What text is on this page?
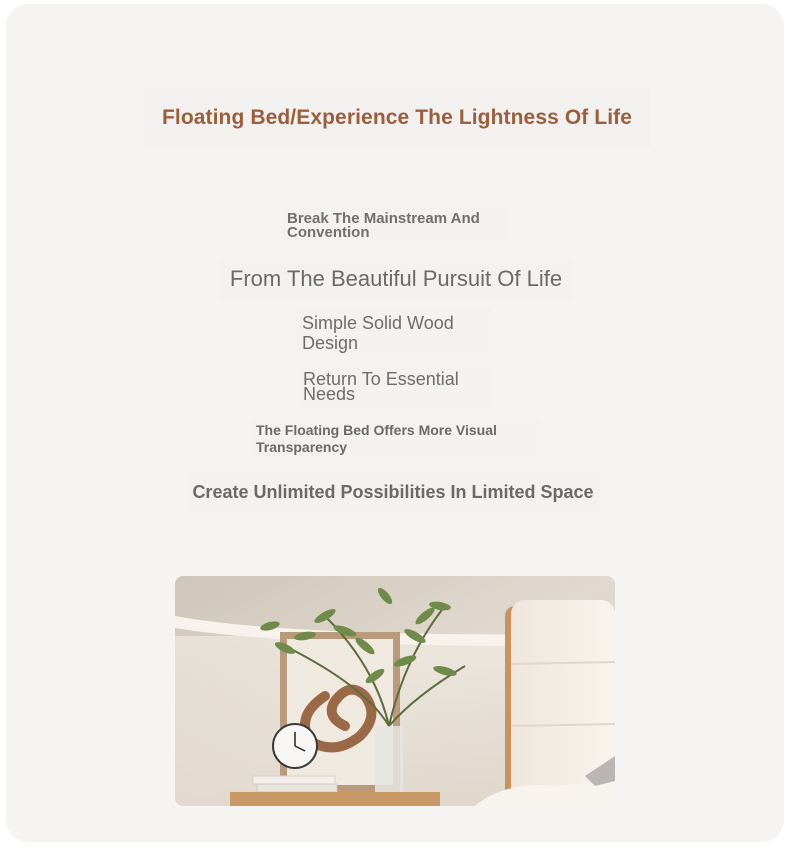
Floating Bed/Experience The Lightness Of Life
Break The Mainstream And Convention
From The Beautiful Pursuit Of Life
Simple Solid Wood Design
Return To Essential Needs
The Floating Bed Offers More Visual Transparency
Create Unlimited Possibilities In Limited Space
